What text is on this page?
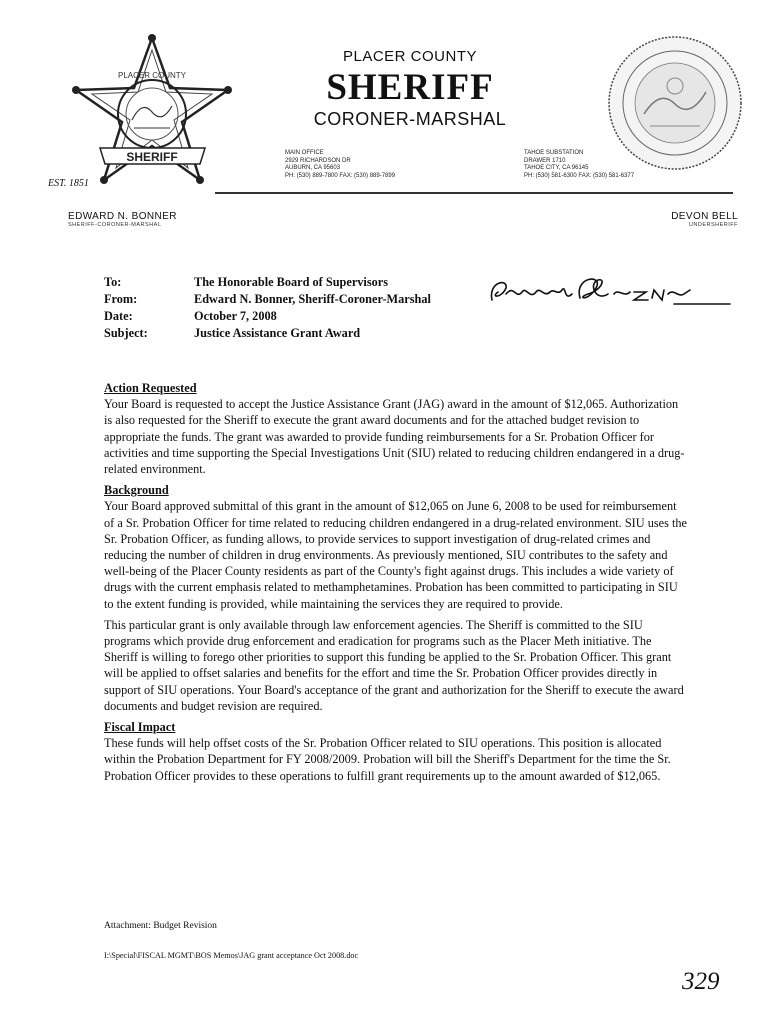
SHERIFF
PLACER COUNTY
EST. 1851
PLACER COUNTY
SHERIFF
CORONER-MARSHAL
MAIN OFFICE
2929 RICHARDSON DR
AUBURN, CA 95603
PH: (530) 889-7800 FAX: (530) 889-7899
TAHOE SUBSTATION
DRAWER 1710
TAHOE CITY, CA 96145
PH: (530) 581-6300 FAX: (530) 581-6377
EDWARD N. BONNER
SHERIFF-CORONER-MARSHAL
DEVON BELL
UNDERSHERIFF
To:	The Honorable Board of Supervisors
From:	Edward N. Bonner, Sheriff-Coroner-Marshal
Date:	October 7, 2008
Subject:	Justice Assistance Grant Award

Action Requested

Your Board is requested to accept the Justice Assistance Grant (JAG) award in the amount of $12,065. Authorization is also requested for the Sheriff to execute the grant award documents and for the attached budget revision to appropriate the funds. The grant was awarded to provide funding reimbursements for a Sr. Probation Officer for activities and time supporting the Special Investigations Unit (SIU) related to reducing children endangered in a drug-related environment.

Background

Your Board approved submittal of this grant in the amount of $12,065 on June 6, 2008 to be used for reimbursement of a Sr. Probation Officer for time related to reducing children endangered in a drug-related environment. SIU uses the Sr. Probation Officer, as funding allows, to provide services to support investigation of drug-related crimes and reducing the number of children in drug environments. As previously mentioned, SIU contributes to the safety and well-being of the Placer County residents as part of the County's fight against drugs. This includes a wide variety of drugs with the current emphasis related to methamphetamines. Probation has been committed to participating in SIU to the extent funding is provided, while maintaining the services they are required to provide.

This particular grant is only available through law enforcement agencies. The Sheriff is committed to the SIU programs which provide drug enforcement and eradication for programs such as the Placer Meth initiative. The Sheriff is willing to forego other priorities to support this funding be applied to the Sr. Probation Officer. This grant will be applied to offset salaries and benefits for the effort and time the Sr. Probation Officer provides directly in support of SIU operations. Your Board's acceptance of the grant and authorization for the Sheriff to execute the award documents and budget revision are required.

Fiscal Impact

These funds will help offset costs of the Sr. Probation Officer related to SIU operations. This position is allocated within the Probation Department for FY 2008/2009. Probation will bill the Sheriff's Department for the time the Sr. Probation Officer provides to these operations to fulfill grant requirements up to the amount awarded of $12,065.

Attachment: Budget Revision
I:\Special\FISCAL MGMT\BOS Memos\JAG grant acceptance Oct 2008.doc
329
